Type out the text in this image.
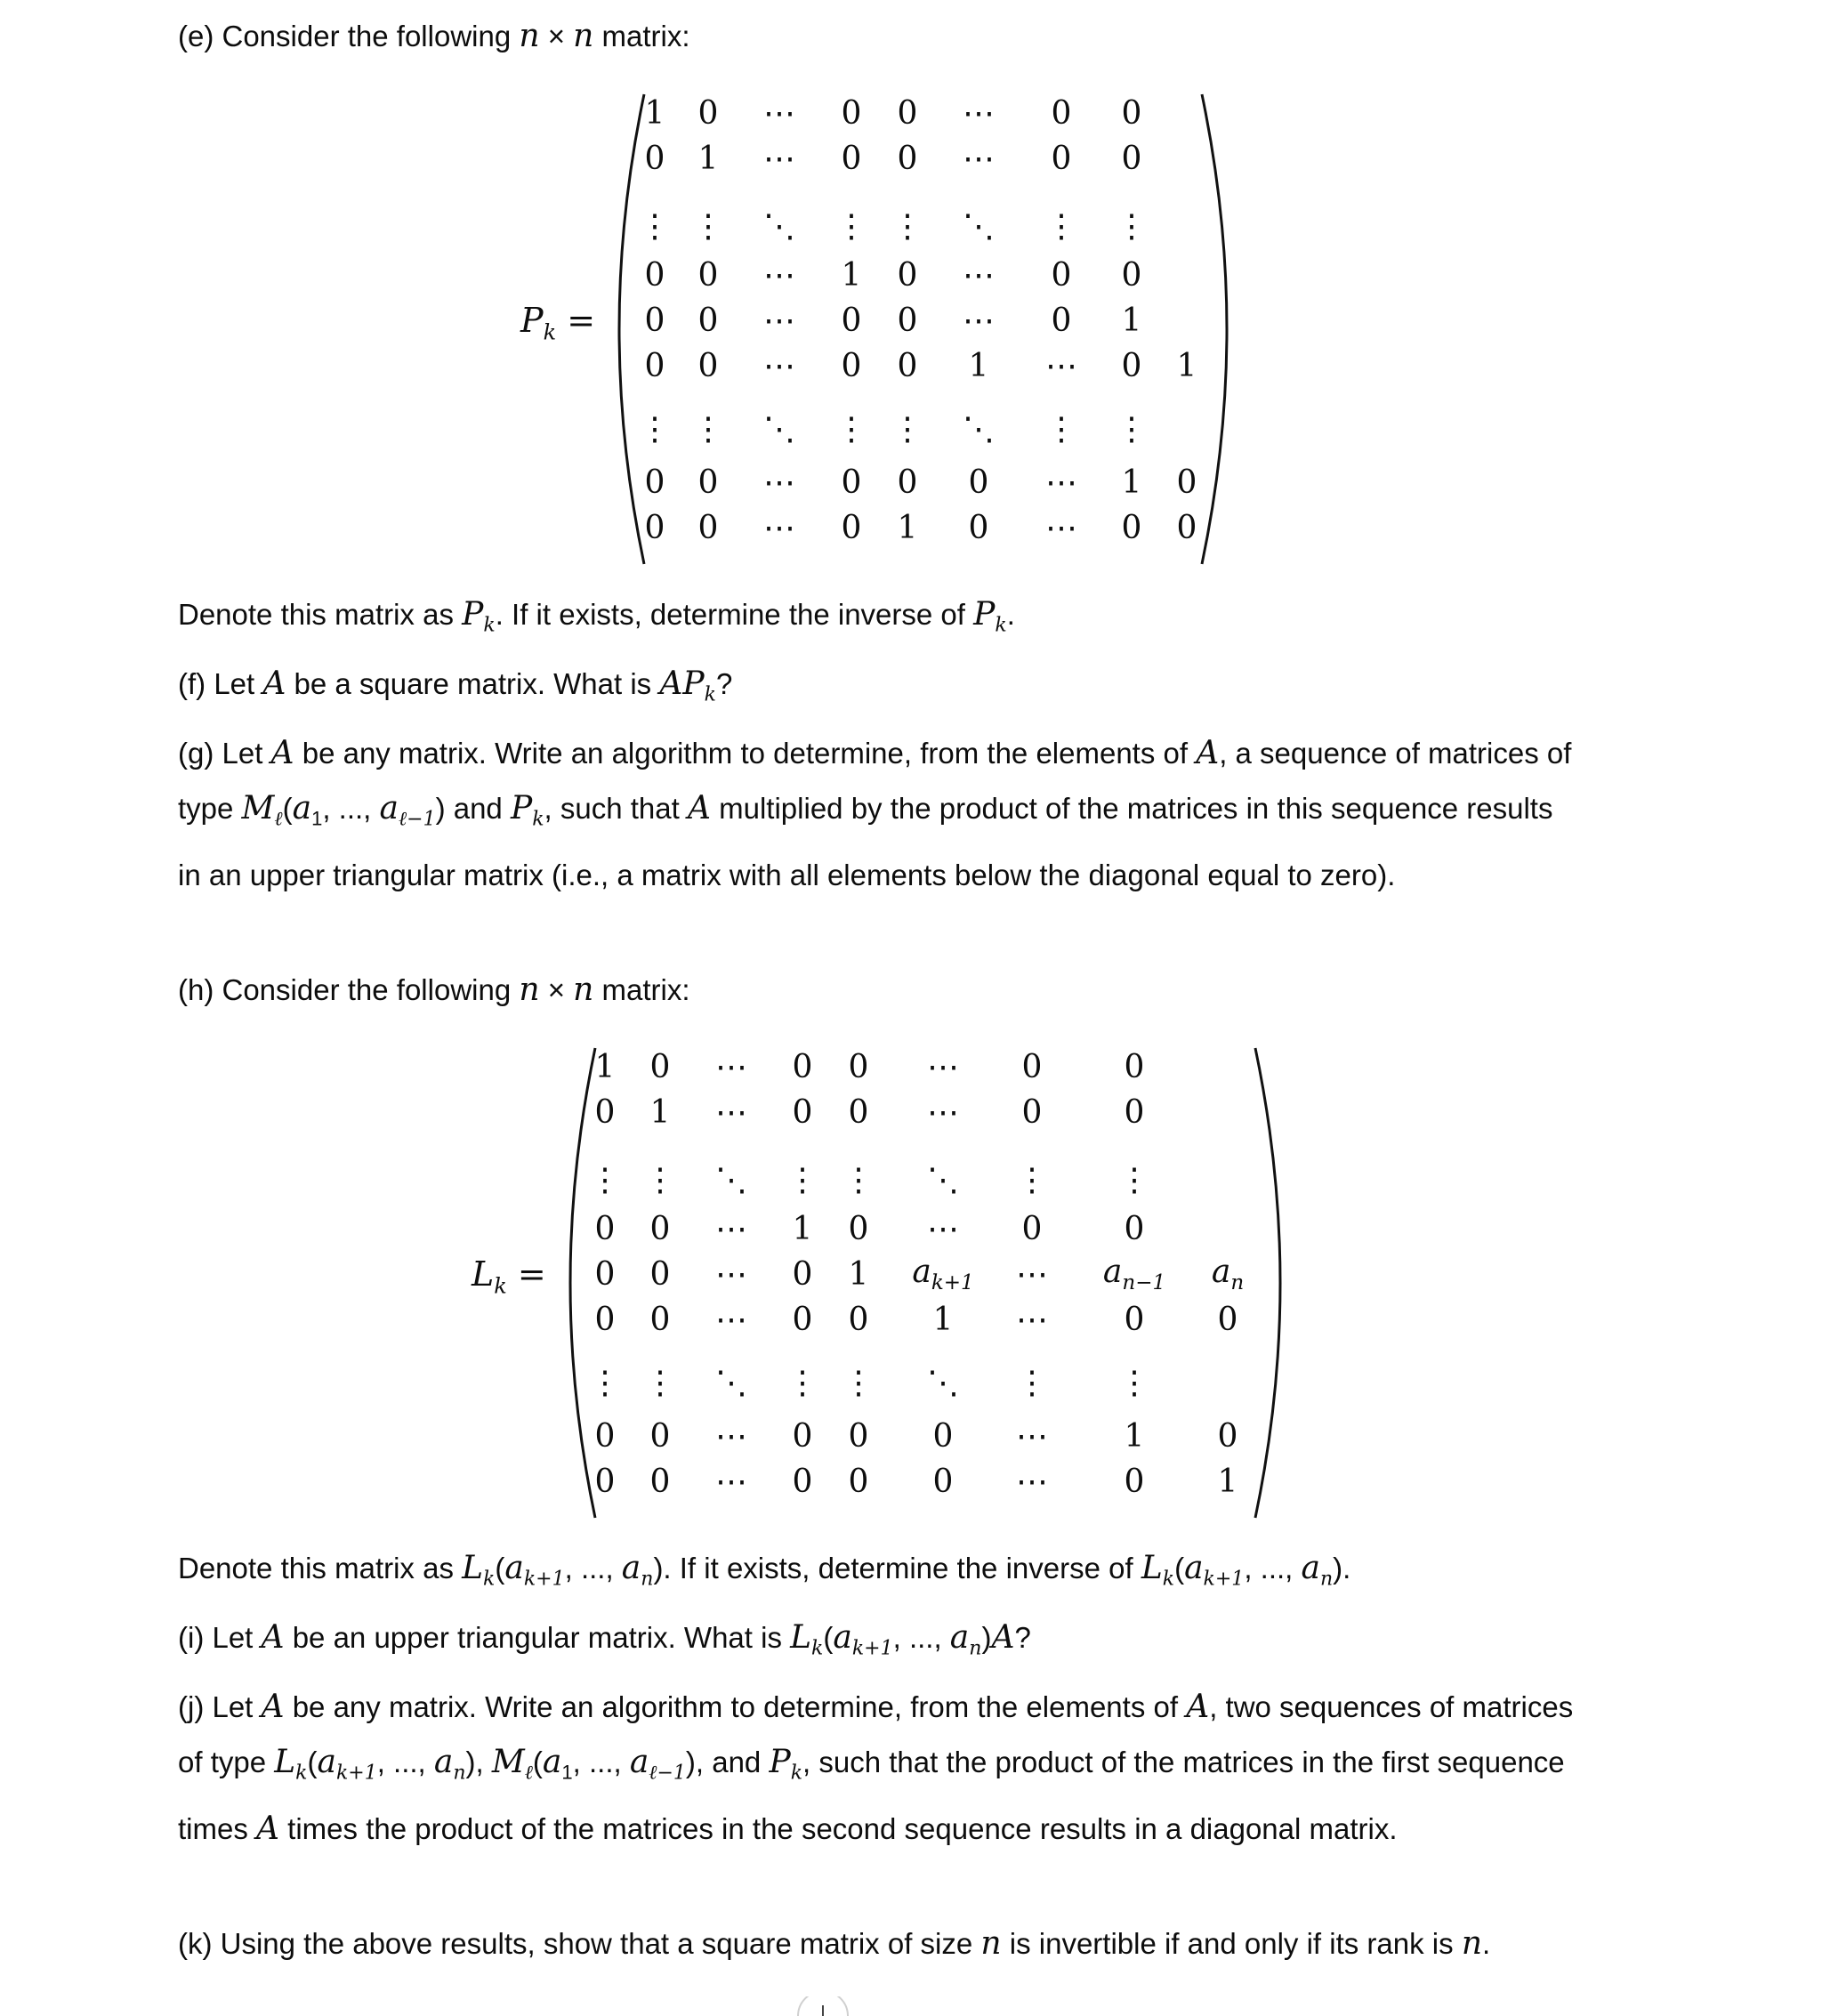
(e) Consider the following n × n matrix:
$P_k$ =
1 0 ⋯ 0 0 ⋯ 0 0
0 1 ⋯ 0 0 ⋯ 0 0
⋮ ⋮ ⋱ ⋮ ⋮ ⋱ ⋮ ⋮
0 0 ⋯ 1 0 ⋯ 0 0
0 0 ⋯ 0 0 ⋯ 0 1
0 0 ⋯ 0 0 1 ⋯ 0 1
⋮ ⋮ ⋱ ⋮ ⋮ ⋱ ⋮ ⋮
0 0 ⋯ 0 0 0 ⋯ 1 0
0 0 ⋯ 0 1 0 ⋯ 0 0
Denote this matrix as $P_k$. If it exists, determine the inverse of $P_k$.
(f) Let A be a square matrix. What is $AP_k$?
(g) Let A be any matrix. Write an algorithm to determine, from the elements of A, a sequence of matrices of type $M_\ell(a_1$, ..., $a_{\ell-1}$) and $P_k$, such that A multiplied by the product of the matrices in this sequence results in an upper triangular matrix (i.e., a matrix with all elements below the diagonal equal to zero).
(h) Consider the following n × n matrix:
$L_k$ =
1 0 ⋯ 0 0 ⋯ 0	0
0 1 ⋯ 0 0 ⋯ 0	0
⋮ ⋮ ⋱ ⋮ ⋮ ⋱ ⋮ ⋮
0 0 ⋯ 1 0 ⋯ 0	0
0 0 ⋯ 0 1 $a_{k+1}$ ⋯ $a_{n-1}$ $a_n$
0 0 ⋯ 0 0 1 ⋯ 0 0
⋮ ⋮ ⋱ ⋮ ⋮ ⋱ ⋮ ⋮
0 0 ⋯ 0 0 0 ⋯ 1 0
0 0 ⋯ 0 0 0 ⋯ 0 1
Denote this matrix as $L_k(a_{k+1}$, ..., $a_n$). If it exists, determine the inverse of $L_k(a_{k+1}$, ..., $a_n$).
(i) Let A be an upper triangular matrix. What is $L_k(a_{k+1}$, ..., $a_n)A$?
(j) Let A be any matrix. Write an algorithm to determine, from the elements of A, two sequences of matrices of type $L_k(a_{k+1}$, ..., $a_n$), $M_\ell(a_1$, ..., $a_{\ell-1}$), and $P_k$, such that the product of the matrices in the first sequence times A times the product of the matrices in the second sequence results in a diagonal matrix.
(k) Using the above results, show that a square matrix of size n is invertible if and only if its rank is n.
